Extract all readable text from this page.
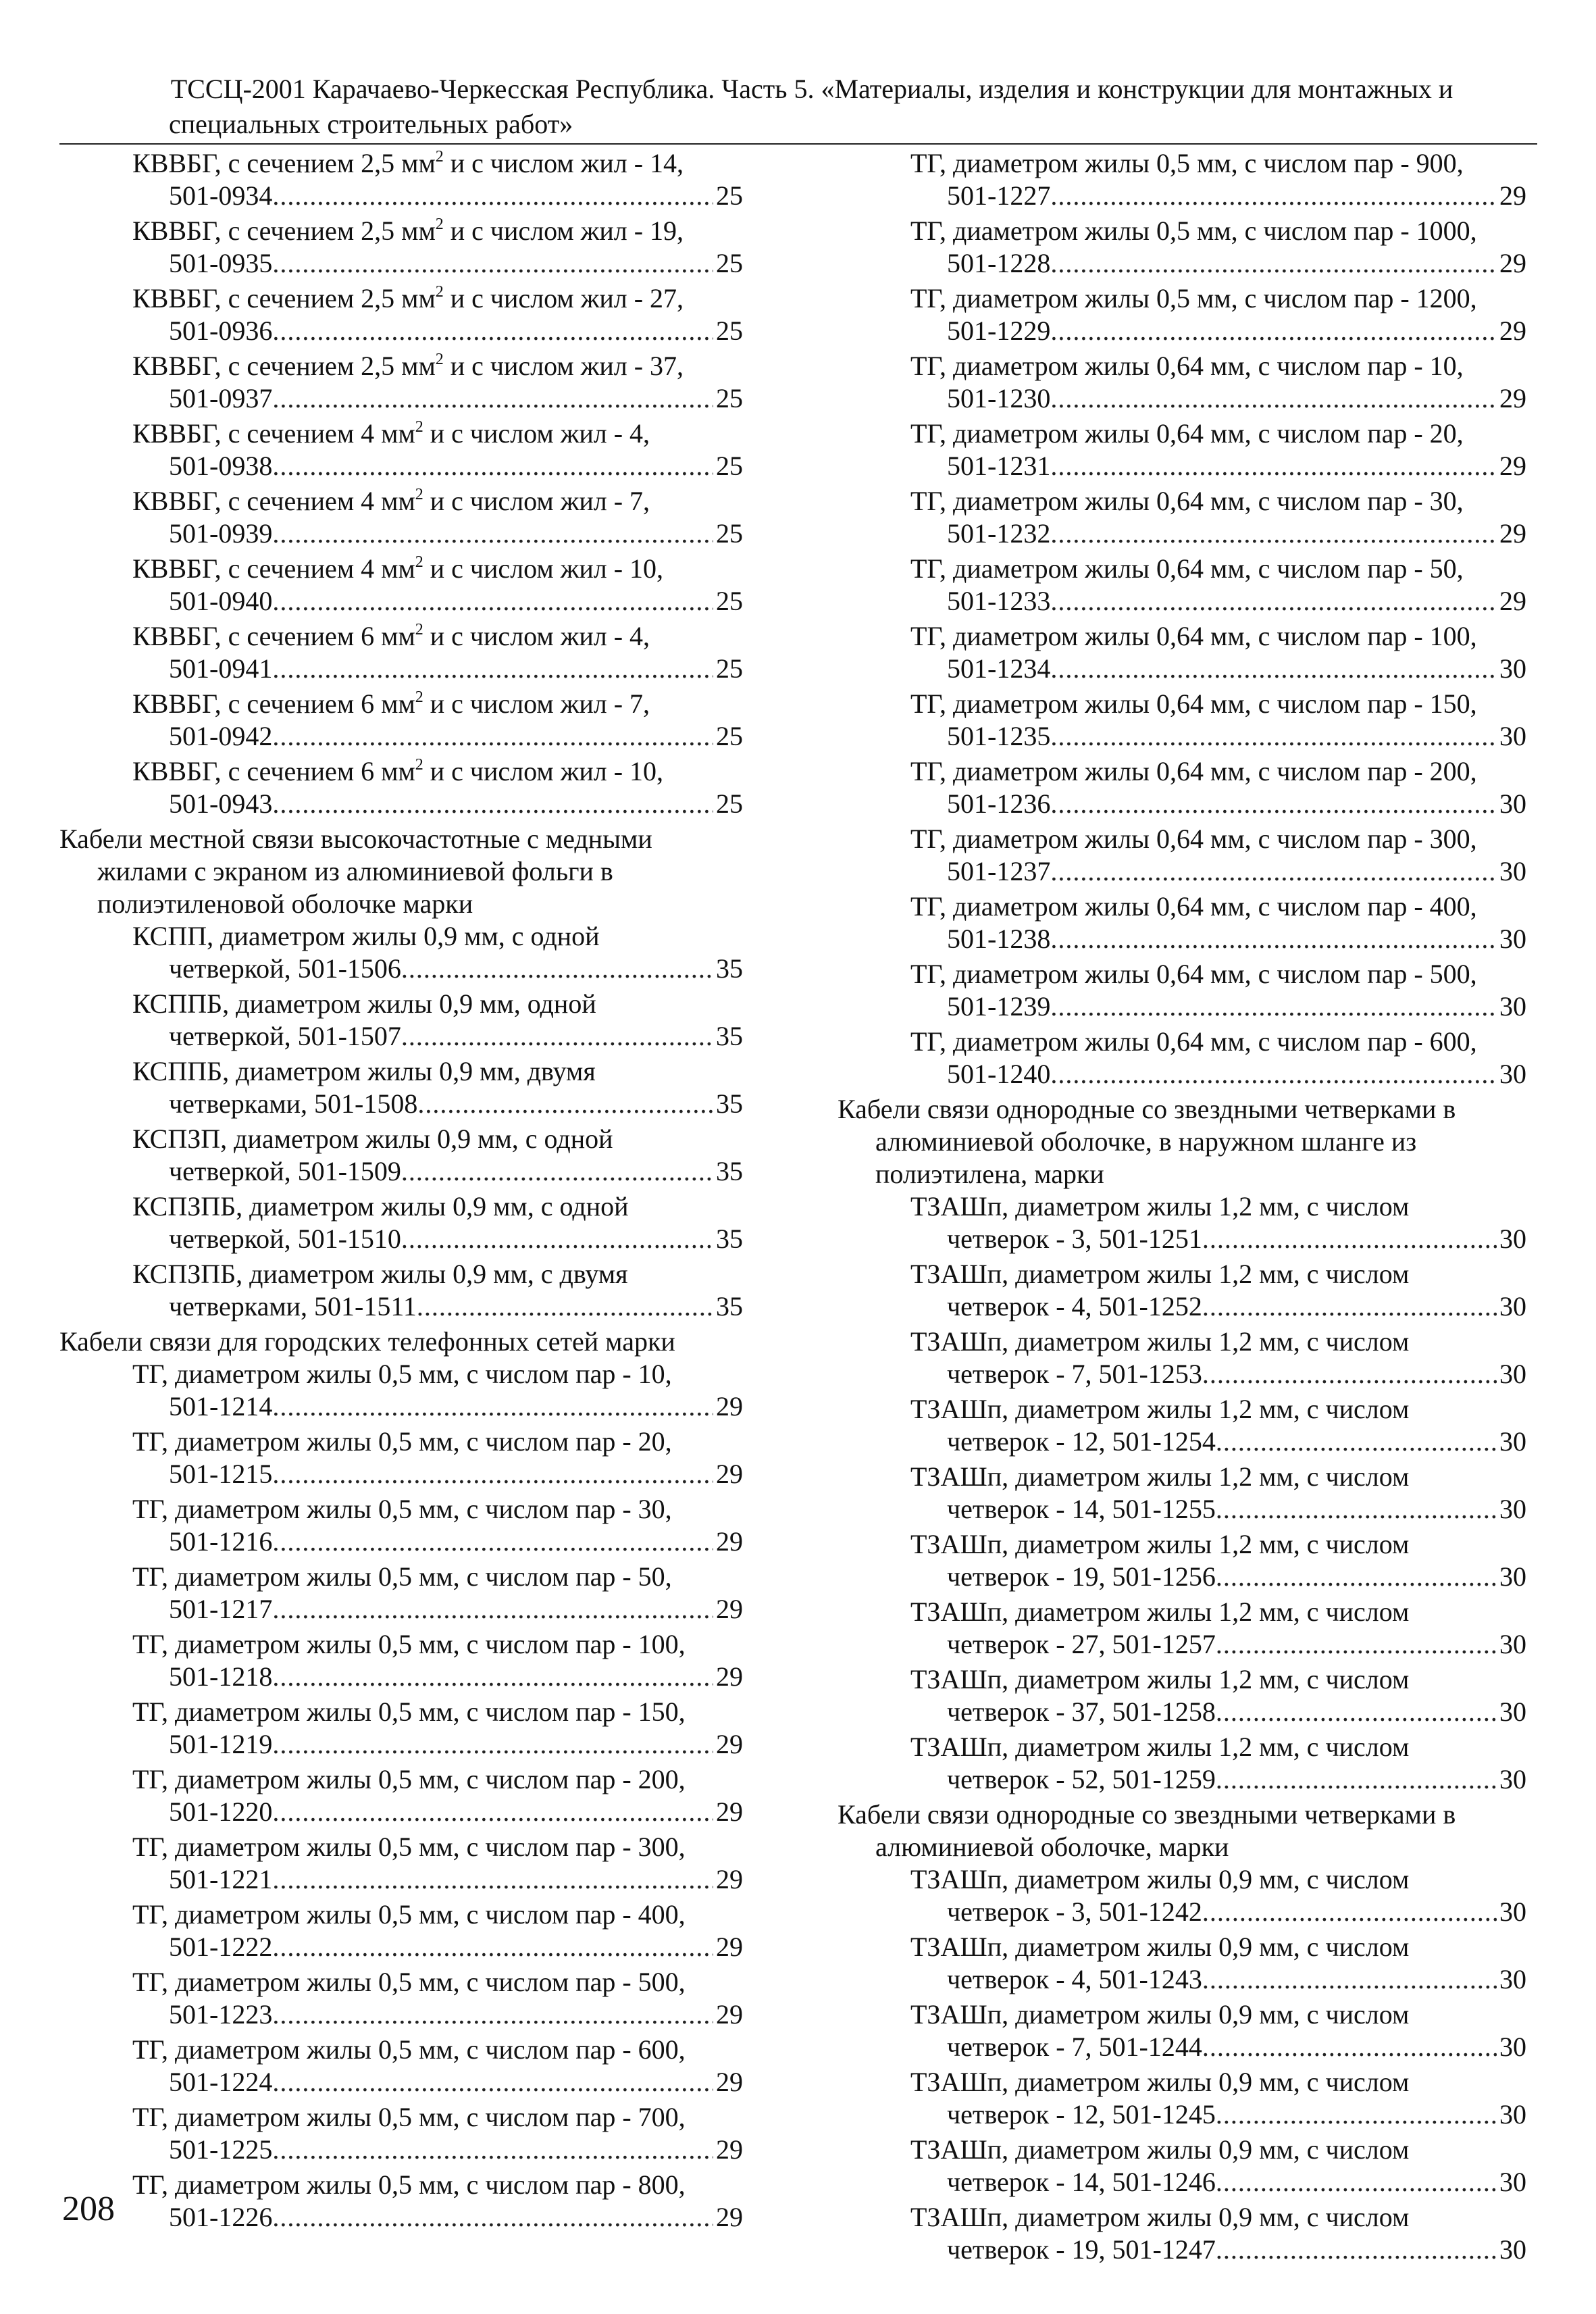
ТССЦ-2001 Карачаево-Черкесская Республика. Часть 5. «Материалы, изделия и конструкции для монтажных и
специальных строительных работ»
КВВБГ, с сечением 2,5 $мм^2$ и с числом жил - 14,
501-0934 .....	25
КВВБГ, с сечением 2,5 $мм^2$ и с числом жил - 19,
501-0935 .....	25
КВВБГ, с сечением 2,5 $мм^2$ и с числом жил - 27,
501-0936 .....	25
КВВБГ, с сечением 2,5 $мм^2$ и с числом жил - 37,
501-0937 .....	25
КВВБГ, с сечением 4 $мм^2$ и с числом жил - 4,
501-0938 .....	25
КВВБГ, с сечением 4 $мм^2$ и с числом жил - 7,
501-0939 .....	25
КВВБГ, с сечением 4 $мм^2$ и с числом жил - 10,
501-0940 .....	25
КВВБГ, с сечением 6 $мм^2$ и с числом жил - 4,
501-0941 .....	25
КВВБГ, с сечением 6 $мм^2$ и с числом жил - 7,
501-0942 .....	25
КВВБГ, с сечением 6 $мм^2$ и с числом жил - 10,
501-0943 .....	25
Кабели местной связи высокочастотные с медными
жилами с экраном из алюминиевой фольги в
полиэтиленовой оболочке марки
КСПП, диаметром жилы 0,9 мм, с одной
четверкой, 501-1506 .....	35
КСППБ, диаметром жилы 0,9 мм, одной
четверкой, 501-1507 .....	35
КСППБ, диаметром жилы 0,9 мм, двумя
четверками, 501-1508 .....	35
КСПЗП, диаметром жилы 0,9 мм, с одной
четверкой, 501-1509 .....	35
КСПЗПБ, диаметром жилы 0,9 мм, с одной
четверкой, 501-1510 .....	35
КСПЗПБ, диаметром жилы 0,9 мм, с двумя
четверками, 501-1511 .....	35
Кабели связи для городских телефонных сетей марки
ТГ, диаметром жилы 0,5 мм, с числом пар - 10,
501-1214 .....	29
ТГ, диаметром жилы 0,5 мм, с числом пар - 20,
501-1215 .....	29
ТГ, диаметром жилы 0,5 мм, с числом пар - 30,
501-1216 .....	29
ТГ, диаметром жилы 0,5 мм, с числом пар - 50,
501-1217 .....	29
ТГ, диаметром жилы 0,5 мм, с числом пар - 100,
501-1218 .....	29
ТГ, диаметром жилы 0,5 мм, с числом пар - 150,
501-1219 .....	29
ТГ, диаметром жилы 0,5 мм, с числом пар - 200,
501-1220 .....	29
ТГ, диаметром жилы 0,5 мм, с числом пар - 300,
501-1221 .....	29
ТГ, диаметром жилы 0,5 мм, с числом пар - 400,
501-1222 .....	29
ТГ, диаметром жилы 0,5 мм, с числом пар - 500,
501-1223 .....	29
ТГ, диаметром жилы 0,5 мм, с числом пар - 600,
501-1224 .....	29
ТГ, диаметром жилы 0,5 мм, с числом пар - 700,
501-1225 .....	29
ТГ, диаметром жилы 0,5 мм, с числом пар - 800,
501-1226 .....	29
ТГ, диаметром жилы 0,5 мм, с числом пар - 900,
501-1227 .....	29
ТГ, диаметром жилы 0,5 мм, с числом пар - 1000,
501-1228 .....	29
ТГ, диаметром жилы 0,5 мм, с числом пар - 1200,
501-1229 .....	29
ТГ, диаметром жилы 0,64 мм, с числом пар - 10,
501-1230 .....	29
ТГ, диаметром жилы 0,64 мм, с числом пар - 20,
501-1231 .....	29
ТГ, диаметром жилы 0,64 мм, с числом пар - 30,
501-1232 .....	29
ТГ, диаметром жилы 0,64 мм, с числом пар - 50,
501-1233 .....	29
ТГ, диаметром жилы 0,64 мм, с числом пар - 100,
501-1234 .....	30
ТГ, диаметром жилы 0,64 мм, с числом пар - 150,
501-1235 .....	30
ТГ, диаметром жилы 0,64 мм, с числом пар - 200,
501-1236 .....	30
ТГ, диаметром жилы 0,64 мм, с числом пар - 300,
501-1237 .....	30
ТГ, диаметром жилы 0,64 мм, с числом пар - 400,
501-1238 .....	30
ТГ, диаметром жилы 0,64 мм, с числом пар - 500,
501-1239 .....	30
ТГ, диаметром жилы 0,64 мм, с числом пар - 600,
501-1240 .....	30
Кабели связи однородные со звездными четверками в
алюминиевой оболочке, в наружном шланге из
полиэтилена, марки
ТЗАШп, диаметром жилы 1,2 мм, с числом
четверок - 3, 501-1251 .....	30
ТЗАШп, диаметром жилы 1,2 мм, с числом
четверок - 4, 501-1252 .....	30
ТЗАШп, диаметром жилы 1,2 мм, с числом
четверок - 7, 501-1253 .....	30
ТЗАШп, диаметром жилы 1,2 мм, с числом
четверок - 12, 501-1254 .....	30
ТЗАШп, диаметром жилы 1,2 мм, с числом
четверок - 14, 501-1255 .....	30
ТЗАШп, диаметром жилы 1,2 мм, с числом
четверок - 19, 501-1256 .....	30
ТЗАШп, диаметром жилы 1,2 мм, с числом
четверок - 27, 501-1257 .....	30
ТЗАШп, диаметром жилы 1,2 мм, с числом
четверок - 37, 501-1258 .....	30
ТЗАШп, диаметром жилы 1,2 мм, с числом
четверок - 52, 501-1259 .....	30
Кабели связи однородные со звездными четверками в
алюминиевой оболочке, марки
ТЗАШп, диаметром жилы 0,9 мм, с числом
четверок - 3, 501-1242 .....	30
ТЗАШп, диаметром жилы 0,9 мм, с числом
четверок - 4, 501-1243 .....	30
ТЗАШп, диаметром жилы 0,9 мм, с числом
четверок - 7, 501-1244 .....	30
ТЗАШп, диаметром жилы 0,9 мм, с числом
четверок - 12, 501-1245 .....	30
ТЗАШп, диаметром жилы 0,9 мм, с числом
четверок - 14, 501-1246 .....	30
ТЗАШп, диаметром жилы 0,9 мм, с числом
четверок - 19, 501-1247 .....	30
208
